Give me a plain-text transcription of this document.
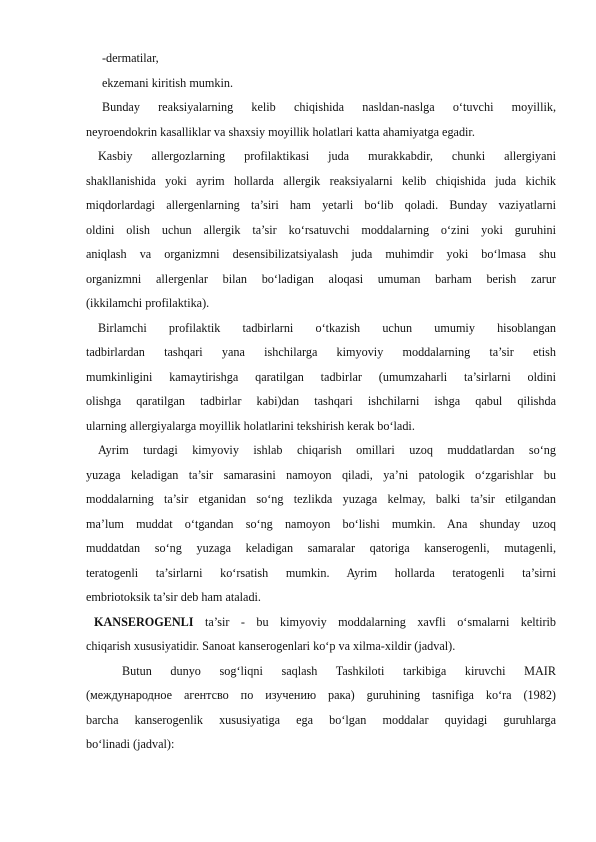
-dermatilar,
ekzemani kiritish mumkin.
Bunday reaksiyalarning kelib chiqishida nasldan-naslga o‘tuvchi moyillik,
neyroendokrin kasalliklar va shaxsiy moyillik holatlari katta ahamiyatga egadir.
Kasbiy allergozlarning profilaktikasi juda murakkabdir, chunki allergiyani
shakllanishida yoki ayrim hollarda allergik reaksiyalarni kelib chiqishida juda kichik
miqdorlardagi allergenlarning ta’siri ham yetarli bo‘lib qoladi. Bunday vaziyatlarni
oldini olish uchun allergik ta’sir ko‘rsatuvchi moddalarning o‘zini yoki guruhini
aniqlash va organizmni desensibilizatsiyalash juda muhimdir yoki bo‘lmasa shu
organizmni allergenlar bilan bo‘ladigan aloqasi umuman barham berish zarur
(ikkilamchi profilaktika).
Birlamchi profilaktik tadbirlarni o‘tkazish uchun umumiy hisoblangan
tadbirlardan tashqari yana ishchilarga kimyoviy moddalarning ta’sir etish
mumkinligini kamaytirishga qaratilgan tadbirlar (umumzaharli ta’sirlarni oldini
olishga qaratilgan tadbirlar kabi)dan tashqari ishchilarni ishga qabul qilishda
ularning allergiyalarga moyillik holatlarini tekshirish kerak bo‘ladi.
Ayrim turdagi kimyoviy ishlab chiqarish omillari uzoq muddatlardan so‘ng
yuzaga keladigan ta’sir samarasini namoyon qiladi, ya’ni patologik o‘zgarishlar bu
moddalarning ta’sir etganidan so‘ng tezlikda yuzaga kelmay, balki ta’sir etilgandan
ma’lum muddat o‘tgandan so‘ng namoyon bo‘lishi mumkin. Ana shunday uzoq
muddatdan so‘ng yuzaga keladigan samaralar qatoriga kanserogenli, mutagenli,
teratogenli ta’sirlarni ko‘rsatish mumkin. Ayrim hollarda teratogenli ta’sirni
embriotoksik ta’sir deb ham ataladi.
KANSEROGENLI ta’sir - bu kimyoviy moddalarning xavfli o‘smalarni keltirib
chiqarish xususiyatidir. Sanoat kanserogenlari ko‘p va xilma-xildir (jadval).
Butun dunyo sog‘liqni saqlash Tashkiloti tarkibiga kiruvchi MAIR
(международное агентсво по изучению рака) guruhining tasnifiga ko‘ra (1982)
barcha kanserogenlik xususiyatiga ega bo‘lgan moddalar quyidagi guruhlarga
bo‘linadi (jadval):
